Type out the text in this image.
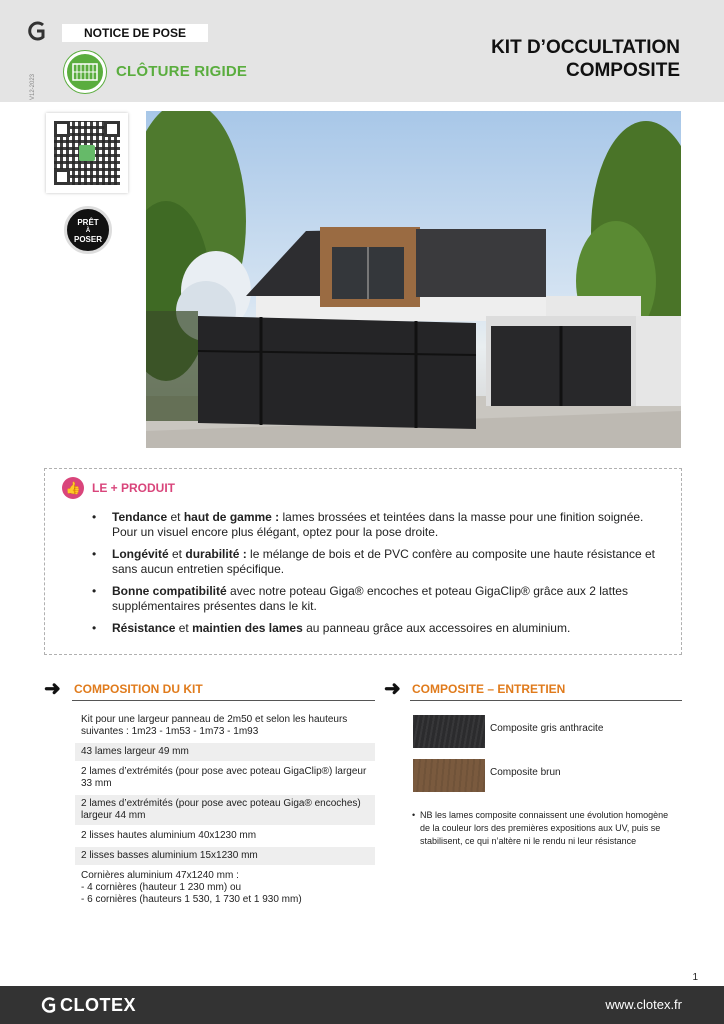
V12-2023
NOTICE DE POSE
CLÔTURE RIGIDE
KIT D’OCCULTATION
COMPOSITE
PRÊT
À
POSER
👍 LE + PRODUIT
• Tendance et haut de gamme : lames brossées et teintées dans la masse pour une finition soignée. Pour un visuel encore plus élégant, optez pour la pose droite.
• Longévité et durabilité : le mélange de bois et de PVC confère au composite une haute résistance et sans aucun entretien spécifique.
• Bonne compatibilité avec notre poteau Giga® encoches et poteau GigaClip® grâce aux 2 lattes supplémentaires présentes dans le kit.
• Résistance et maintien des lames au panneau grâce aux accessoires en aluminium.
➜ COMPOSITION DU KIT
Kit pour une largeur panneau de 2m50 et selon les hauteurs suivantes : 1m23 - 1m53 - 1m73 - 1m93
43 lames largeur 49 mm
2 lames d’extrémités (pour pose avec poteau GigaClip®) largeur 33 mm
2 lames d’extrémités (pour pose avec poteau Giga® encoches) largeur 44 mm
2 lisses hautes aluminium 40x1230 mm
2 lisses basses aluminium 15x1230 mm
Cornières aluminium 47x1240 mm :
- 4 cornières (hauteur 1 230 mm) ou
- 6 cornières (hauteurs 1 530, 1 730 et 1 930 mm)
➜ COMPOSITE – ENTRETIEN
Composite gris anthracite
Composite brun
• NB les lames composite connaissent une évolution homogène de la couleur lors des premières expositions aux UV, puis se stabilisent, ce qui n’altère ni le rendu ni leur résistance
1
CLOTEX	www.clotex.fr
